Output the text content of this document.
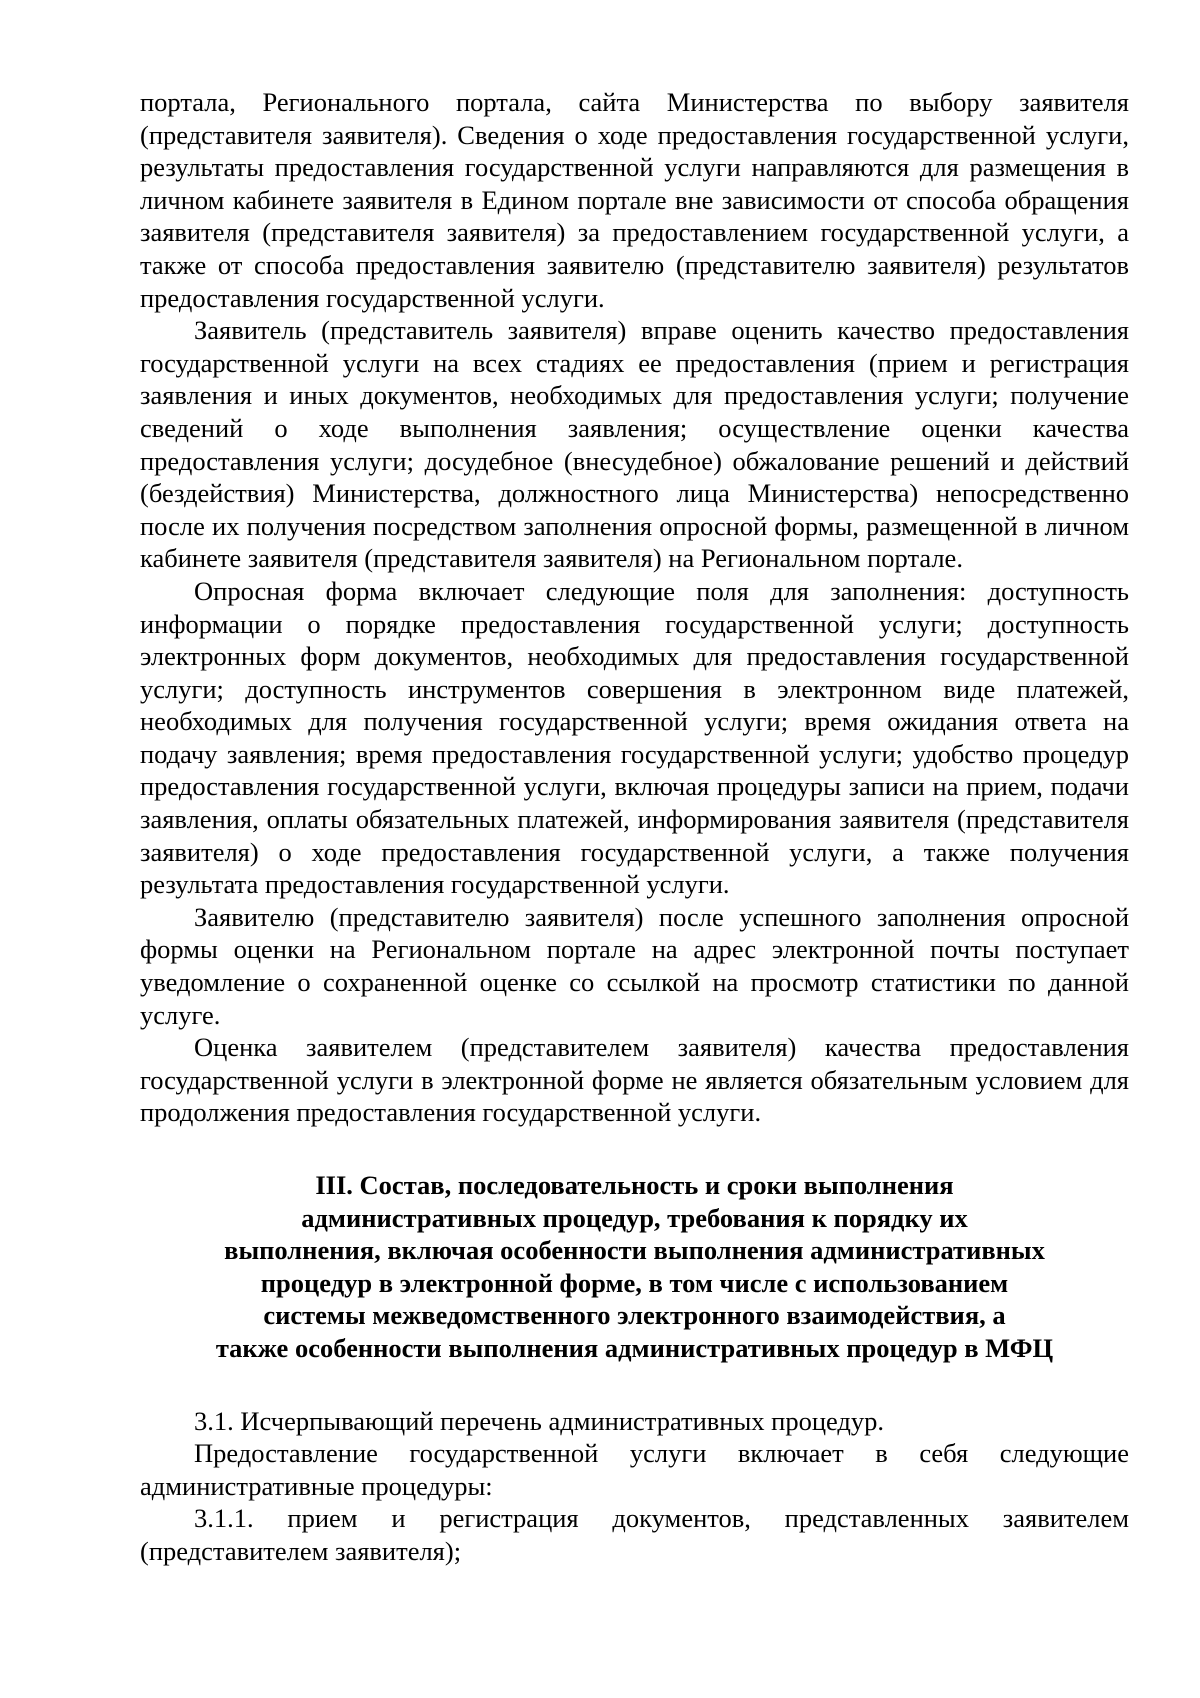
портала, Регионального портала, сайта Министерства по выбору заявителя (представителя заявителя). Сведения о ходе предоставления государственной услуги, результаты предоставления государственной услуги направляются для размещения в личном кабинете заявителя в Едином портале вне зависимости от способа обращения заявителя (представителя заявителя) за предоставлением государственной услуги, а также от способа предоставления заявителю (представителю заявителя) результатов предоставления государственной услуги.

Заявитель (представитель заявителя) вправе оценить качество предоставления государственной услуги на всех стадиях ее предоставления (прием и регистрация заявления и иных документов, необходимых для предоставления услуги; получение сведений о ходе выполнения заявления; осуществление оценки качества предоставления услуги; досудебное (внесудебное) обжалование решений и действий (бездействия) Министерства, должностного лица Министерства) непосредственно после их получения посредством заполнения опросной формы, размещенной в личном кабинете заявителя (представителя заявителя) на Региональном портале.

Опросная форма включает следующие поля для заполнения: доступность информации о порядке предоставления государственной услуги; доступность электронных форм документов, необходимых для предоставления государственной услуги; доступность инструментов совершения в электронном виде платежей, необходимых для получения государственной услуги; время ожидания ответа на подачу заявления; время предоставления государственной услуги; удобство процедур предоставления государственной услуги, включая процедуры записи на прием, подачи заявления, оплаты обязательных платежей, информирования заявителя (представителя заявителя) о ходе предоставления государственной услуги, а также получения результата предоставления государственной услуги.

Заявителю (представителю заявителя) после успешного заполнения опросной формы оценки на Региональном портале на адрес электронной почты поступает уведомление о сохраненной оценке со ссылкой на просмотр статистики по данной услуге.

Оценка заявителем (представителем заявителя) качества предоставления государственной услуги в электронной форме не является обязательным условием для продолжения предоставления государственной услуги.

III. Состав, последовательность и сроки выполнения
административных процедур, требования к порядку их
выполнения, включая особенности выполнения административных
процедур в электронной форме, в том числе с использованием
системы межведомственного электронного взаимодействия, а
также особенности выполнения административных процедур в МФЦ

3.1. Исчерпывающий перечень административных процедур.

Предоставление государственной услуги включает в себя следующие административные процедуры:

3.1.1. прием и регистрация документов, представленных заявителем (представителем заявителя);
